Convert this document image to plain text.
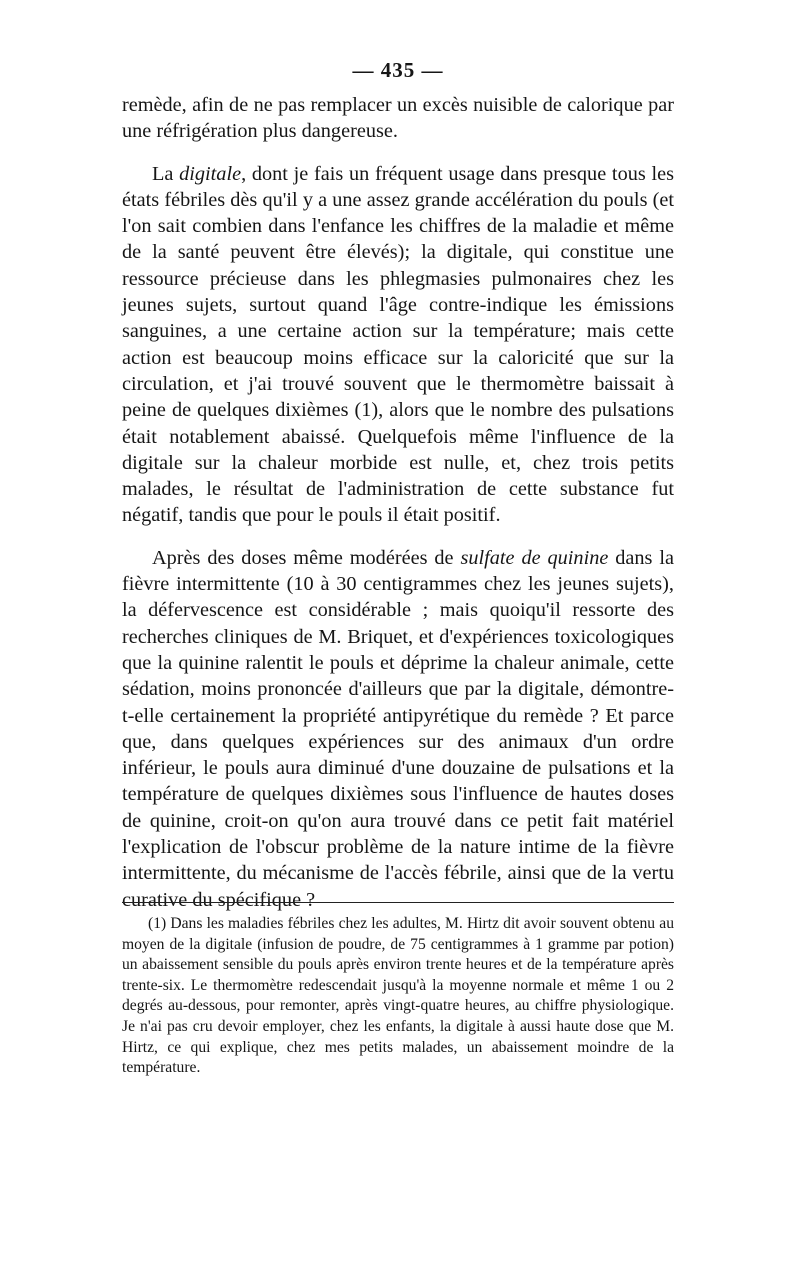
— 435 —

remède, afin de ne pas remplacer un excès nuisible de calorique par une réfrigération plus dangereuse.

La digitale, dont je fais un fréquent usage dans presque tous les états fébriles dès qu'il y a une assez grande accélération du pouls (et l'on sait combien dans l'enfance les chiffres de la maladie et même de la santé peuvent être élevés); la digitale, qui constitue une ressource précieuse dans les phlegmasies pulmonaires chez les jeunes sujets, surtout quand l'âge contre-indique les émissions sanguines, a une certaine action sur la température; mais cette action est beaucoup moins efficace sur la caloricité que sur la circulation, et j'ai trouvé souvent que le thermomètre baissait à peine de quelques dixièmes (1), alors que le nombre des pulsations était notablement abaissé. Quelquefois même l'influence de la digitale sur la chaleur morbide est nulle, et, chez trois petits malades, le résultat de l'administration de cette substance fut négatif, tandis que pour le pouls il était positif.

Après des doses même modérées de sulfate de quinine dans la fièvre intermittente (10 à 30 centigrammes chez les jeunes sujets), la défervescence est considérable ; mais quoiqu'il ressorte des recherches cliniques de M. Briquet, et d'expériences toxicologiques que la quinine ralentit le pouls et déprime la chaleur animale, cette sédation, moins prononcée d'ailleurs que par la digitale, démontre-t-elle certainement la propriété antipyrétique du remède ? Et parce que, dans quelques expériences sur des animaux d'un ordre inférieur, le pouls aura diminué d'une douzaine de pulsations et la température de quelques dixièmes sous l'influence de hautes doses de quinine, croit-on qu'on aura trouvé dans ce petit fait matériel l'explication de l'obscur problème de la nature intime de la fièvre intermittente, du mécanisme de l'accès fébrile, ainsi que de la vertu curative du spécifique ?

(1) Dans les maladies fébriles chez les adultes, M. Hirtz dit avoir souvent obtenu au moyen de la digitale (infusion de poudre, de 75 centigrammes à 1 gramme par potion) un abaissement sensible du pouls après environ trente heures et de la température après trente-six. Le thermomètre redescendait jusqu'à la moyenne normale et même 1 ou 2 degrés au-dessous, pour remonter, après vingt-quatre heures, au chiffre physiologique. Je n'ai pas cru devoir employer, chez les enfants, la digitale à aussi haute dose que M. Hirtz, ce qui explique, chez mes petits malades, un abaissement moindre de la température.
